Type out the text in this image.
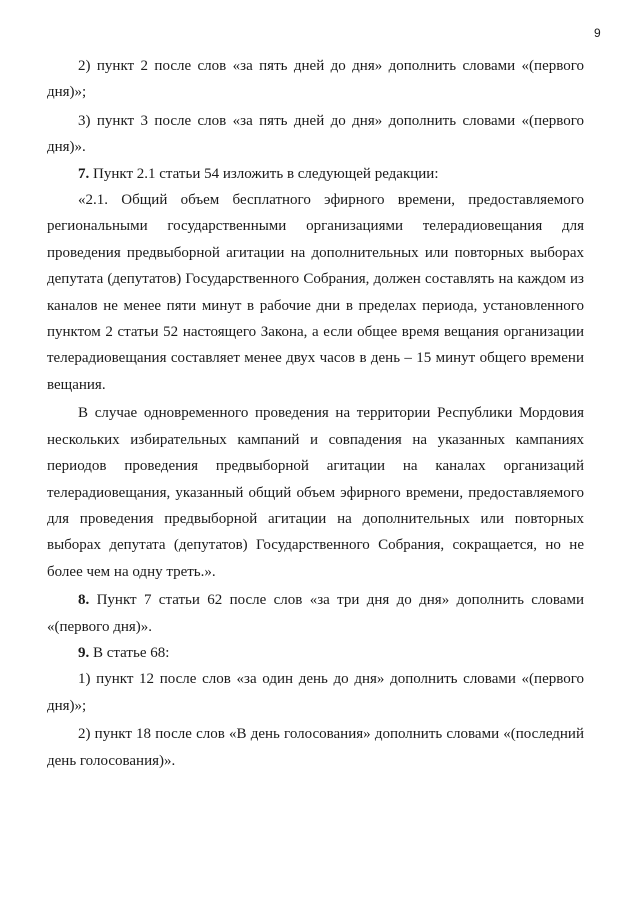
9

2) пункт 2 после слов «за пять дней до дня» дополнить словами «(первого дня)»;

3) пункт 3 после слов «за пять дней до дня» дополнить словами «(первого дня)».

7. Пункт 2.1 статьи 54 изложить в следующей редакции:

«2.1. Общий объем бесплатного эфирного времени, предоставляемого региональными государственными организациями телерадиовещания для проведения предвыборной агитации на дополнительных или повторных выборах депутата (депутатов) Государственного Собрания, должен составлять на каждом из каналов не менее пяти минут в рабочие дни в пределах периода, установленного пунктом 2 статьи 52 настоящего Закона, а если общее время вещания организации телерадиовещания составляет менее двух часов в день – 15 минут общего времени вещания.

В случае одновременного проведения на территории Республики Мордовия нескольких избирательных кампаний и совпадения на указанных кампаниях периодов проведения предвыборной агитации на каналах организаций телерадиовещания, указанный общий объем эфирного времени, предоставляемого для проведения предвыборной агитации на дополнительных или повторных выборах депутата (депутатов) Государственного Собрания, сокращается, но не более чем на одну треть.».

8. Пункт 7 статьи 62 после слов «за три дня до дня» дополнить словами «(первого дня)».

9. В статье 68:

1) пункт 12 после слов «за один день до дня» дополнить словами «(первого дня)»;

2) пункт 18 после слов «В день голосования» дополнить словами «(последний день голосования)».
